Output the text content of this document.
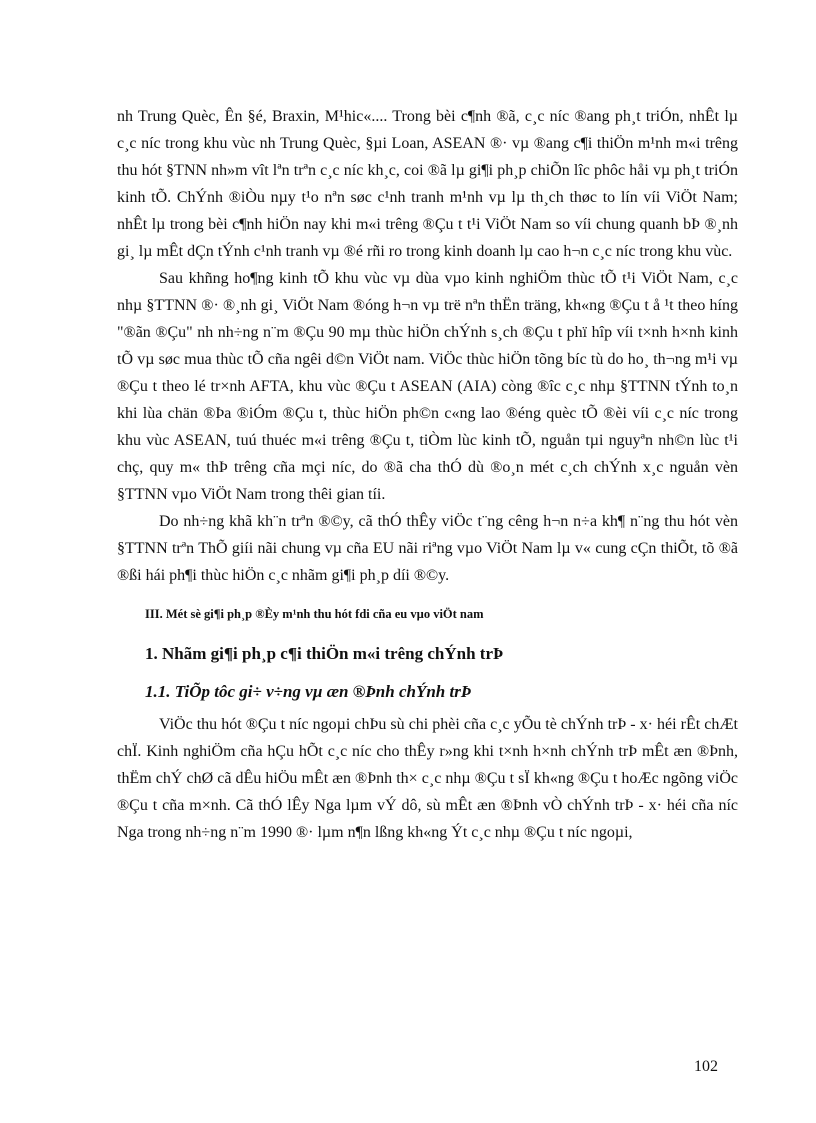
nh Trung Quèc, Ên §é, Braxin, M¹hic«.... Trong bèi c¶nh ®ã, c¸c níc ®ang ph¸t triÓn, nhÊt lµ c¸c níc trong khu vùc nh Trung Quèc, §µi Loan, ASEAN ®· vµ ®ang c¶i thiÖn m¹nh m«i trêng thu hót §TNN nh»m vît lªn trªn c¸c níc kh¸c, coi ®ã lµ gi¶i ph¸p chiÕn lîc phôc håi vµ ph¸t triÓn kinh tÕ. ChÝnh ®iÒu nµy t¹o nªn søc c¹nh tranh m¹nh vµ lµ th¸ch thøc to lín víi ViÖt Nam; nhÊt lµ trong bèi c¶nh hiÖn nay khi m«i trêng ®Çu t t¹i ViÖt Nam so víi chung quanh bÞ ®¸nh gi¸ lµ mÊt dÇn tÝnh c¹nh tranh vµ ®é rñi ro trong kinh doanh lµ cao h¬n c¸c níc trong khu vùc.

Sau khñng ho¶ng kinh tÕ khu vùc vµ dùa vµo kinh nghiÖm thùc tÕ t¹i ViÖt Nam, c¸c nhµ §TTNN ®· ®¸nh gi¸ ViÖt Nam ®óng h¬n vµ trë nªn thËn träng, kh«ng ®Çu t å ¹t theo híng "®ãn ®Çu" nh nh÷ng n¨m ®Çu 90 mµ thùc hiÖn chÝnh s¸ch ®Çu t phï hîp víi t×nh h×nh kinh tÕ vµ søc mua thùc tÕ cña ngêi d©n ViÖt nam. ViÖc thùc hiÖn tõng bíc tù do ho¸ th¬ng m¹i vµ ®Çu t theo lé tr×nh AFTA, khu vùc ®Çu t ASEAN (AIA) còng ®îc c¸c nhµ §TTNN tÝnh to¸n khi lùa chän ®Þa ®iÓm ®Çu t, thùc hiÖn ph©n c«ng lao ®éng quèc tÕ ®èi víi c¸c níc trong khu vùc ASEAN, tuú thuéc m«i trêng ®Çu t, tiÒm lùc kinh tÕ, nguån tµi nguyªn nh©n lùc t¹i chç, quy m« thÞ trêng cña mçi níc, do ®ã cha thÓ dù ®o¸n mét c¸ch chÝnh x¸c nguån vèn §TTNN vµo ViÖt Nam trong thêi gian tíi.

Do nh÷ng khã kh¨n trªn ®©y, cã thÓ thÊy viÖc t¨ng cêng h¬n n÷a kh¶ n¨ng thu hót vèn §TTNN trªn ThÕ giíi nãi chung vµ cña EU nãi riªng vµo ViÖt Nam lµ v« cung cÇn thiÕt, tõ ®ã ®ßi hái ph¶i thùc hiÖn c¸c nhãm gi¶i ph¸p díi ®©y.

III. Mét sè gi¶i ph¸p ®Èy m¹nh thu hót fdi cña eu vµo viÖt nam
1. Nhãm gi¶i ph¸p c¶i thiÖn m«i trêng chÝnh trÞ
1.1. TiÕp tôc gi÷ v÷ng vµ æn ®Þnh chÝnh trÞ

ViÖc thu hót ®Çu t níc ngoµi chÞu sù chi phèi cña c¸c yÕu tè chÝnh trÞ - x· héi rÊt chÆt chÏ. Kinh nghiÖm cña hÇu hÕt c¸c níc cho thÊy r»ng khi t×nh h×nh chÝnh trÞ mÊt æn ®Þnh, thËm chÝ chØ cã dÊu hiÖu mÊt æn ®Þnh th× c¸c nhµ ®Çu t sÏ kh«ng ®Çu t hoÆc ngõng viÖc ®Çu t cña m×nh. Cã thÓ lÊy Nga lµm vÝ dô, sù mÊt æn ®Þnh vÒ chÝnh trÞ - x· héi cña níc Nga trong nh÷ng n¨m 1990 ®· lµm n¶n lßng kh«ng Ýt c¸c nhµ ®Çu t níc ngoµi,

102
